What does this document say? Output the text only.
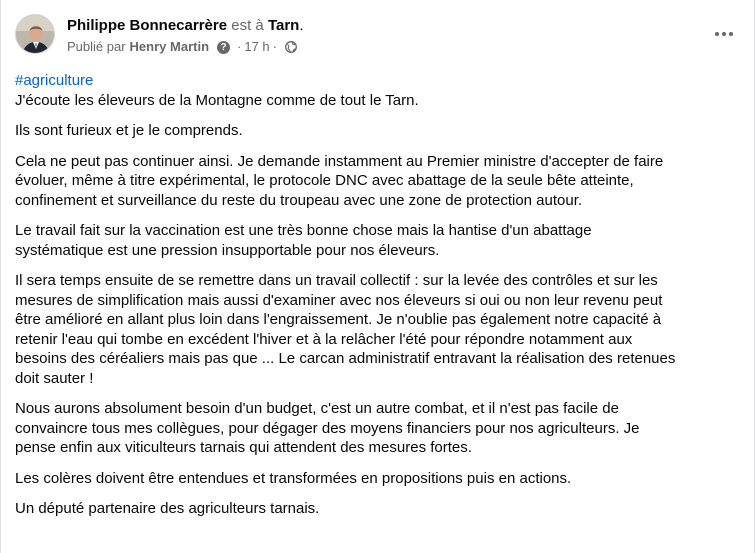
Philippe Bonnecarrère est à Tarn.
Publié par Henry Martin	? · 17 h ·
#agriculture

J'écoute les éleveurs de la Montagne comme de tout le Tarn.

Ils sont furieux et je le comprends.

Cela ne peut pas continuer ainsi. Je demande instamment au Premier ministre d'accepter de faire
évoluer, même à titre expérimental, le protocole DNC avec abattage de la seule bête atteinte,
confinement et surveillance du reste du troupeau avec une zone de protection autour.

Le travail fait sur la vaccination est une très bonne chose mais la hantise d'un abattage
systématique est une pression insupportable pour nos éleveurs.

Il sera temps ensuite de se remettre dans un travail collectif : sur la levée des contrôles et sur les
mesures de simplification mais aussi d'examiner avec nos éleveurs si oui ou non leur revenu peut
être amélioré en allant plus loin dans l'engraissement. Je n'oublie pas également notre capacité à
retenir l'eau qui tombe en excédent l'hiver et à la relâcher l'été pour répondre notamment aux
besoins des céréaliers mais pas que ... Le carcan administratif entravant la réalisation des retenues
doit sauter !

Nous aurons absolument besoin d'un budget, c'est un autre combat, et il n'est pas facile de
convaincre tous mes collègues, pour dégager des moyens financiers pour nos agriculteurs. Je
pense enfin aux viticulteurs tarnais qui attendent des mesures fortes.

Les colères doivent être entendues et transformées en propositions puis en actions.

Un député partenaire des agriculteurs tarnais.
